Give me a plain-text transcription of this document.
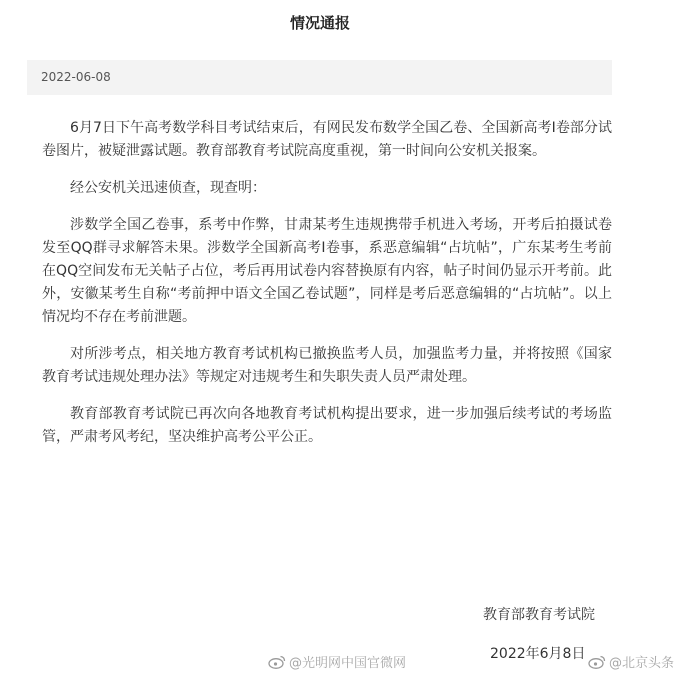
情况通报
2022-06-08

6月7日下午高考数学科目考试结束后，有网民发布数学全国乙卷、全国新高考I卷部分试卷图片，被疑泄露试题。教育部教育考试院高度重视，第一时间向公安机关报案。

经公安机关迅速侦查，现查明：

涉数学全国乙卷事，系考中作弊，甘肃某考生违规携带手机进入考场，开考后拍摄试卷发至QQ群寻求解答未果。涉数学全国新高考I卷事，系恶意编辑“占坑帖”，广东某考生考前在QQ空间发布无关帖子占位，考后再用试卷内容替换原有内容，帖子时间仍显示开考前。此外，安徽某考生自称“考前押中语文全国乙卷试题”，同样是考后恶意编辑的“占坑帖”。以上情况均不存在考前泄题。

对所涉考点，相关地方教育考试机构已撤换监考人员，加强监考力量，并将按照《国家教育考试违规处理办法》等规定对违规考生和失职失责人员严肃处理。

教育部教育考试院已再次向各地教育考试机构提出要求，进一步加强后续考试的考场监管，严肃考风考纪，坚决维护高考公平公正。

教育部教育考试院
2022年6月8日
@光明网中国官微网	@北京头条
